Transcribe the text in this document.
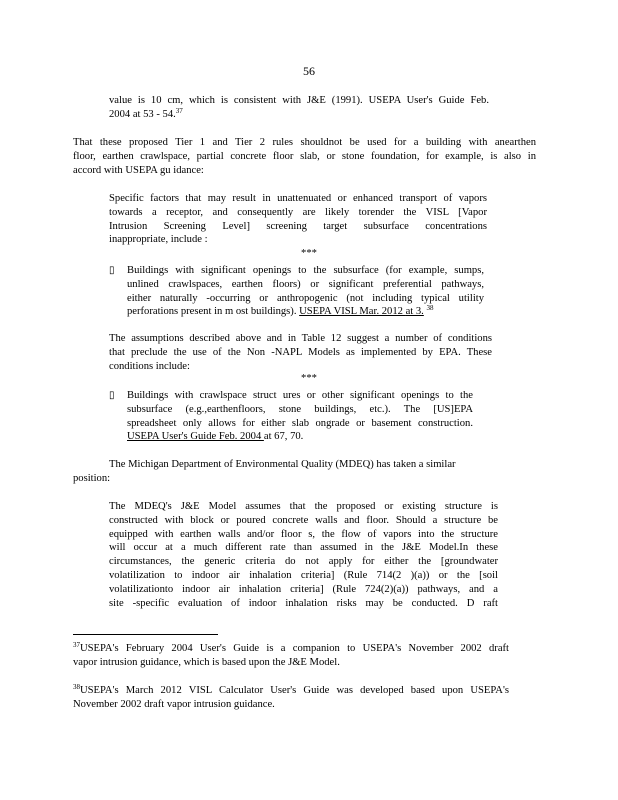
56
value is 10 cm, which is consistent with J&E (1991). USEPA User's Guide Feb.
2004 at 53 - 54.37
That these proposed Tier 1 and Tier 2 rules shouldnot be used for a building with anearthen
floor, earthen crawlspace, partial concrete floor slab, or stone foundation, for example, is also in
accord with USEPA gu idance:
Specific factors that may result in unattenuated or enhanced transport of vapors
towards a receptor, and consequently are likely torender the VISL [Vapor
Intrusion Screening Level] screening target subsurface concentrations
inappropriate, include :
***
▯ Buildings with significant openings to the subsurface (for example, sumps,
unlined crawlspaces, earthen floors) or significant preferential pathways,
either naturally -occurring or anthropogenic (not including typical utility
perforations present in m ost buildings). USEPA VISL Mar. 2012 at 3. $^{38}$
The assumptions described above and in Table 12 suggest a number of conditions
that preclude the use of the Non -NAPL Models as implemented by EPA. These
conditions include:
***
▯ Buildings with crawlspace struct ures or other significant openings to the
subsurface (e.g.,earthenfloors, stone buildings, etc.). The [US]EPA
spreadsheet only allows for either slab ongrade or basement construction.
USEPA User's Guide Feb. 2004 at 67, 70.
The Michigan Department of Environmental Quality (MDEQ) has taken a similar
position:
The MDEQ's J&E Model assumes that the proposed or existing structure is
constructed with block or poured concrete walls and floor. Should a structure be
equipped with earthen walls and/or floor s, the flow of vapors into the structure
will occur at a much different rate than assumed in the J&E Model.In these
circumstances, the generic criteria do not apply for either the [groundwater
volatilization to indoor air inhalation criteria] (Rule 714(2 )(a)) or the [soil
volatilizationto indoor air inhalation criteria] (Rule 724(2)(a)) pathways, and a
site -specific evaluation of indoor inhalation risks may be conducted. D raft
$^{37}$USEPA's February 2004 User's Guide is a companion to USEPA's November 2002 draft
vapor intrusion guidance, which is based upon the J&E Model.
$^{38}$USEPA's March 2012 VISL Calculator User's Guide was developed based upon USEPA's
November 2002 draft vapor intrusion guidance.
